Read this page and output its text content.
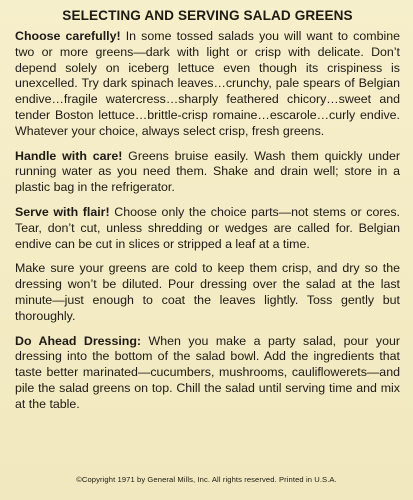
SELECTING AND SERVING SALAD GREENS

Choose carefully! In some tossed salads you will want to combine two or more greens—dark with light or crisp with delicate. Don’t depend solely on iceberg lettuce even though its crispiness is unexcelled. Try dark spinach leaves…crunchy, pale spears of Belgian endive…fragile watercress…sharply feathered chicory…sweet and tender Boston lettuce…brittle-crisp romaine…escarole…curly endive. Whatever your choice, always select crisp, fresh greens.

Handle with care! Greens bruise easily. Wash them quickly under running water as you need them. Shake and drain well; store in a plastic bag in the refrigerator.

Serve with flair! Choose only the choice parts—not stems or cores. Tear, don’t cut, unless shredding or wedges are called for. Belgian endive can be cut in slices or stripped a leaf at a time.

Make sure your greens are cold to keep them crisp, and dry so the dressing won’t be diluted. Pour dressing over the salad at the last minute—just enough to coat the leaves lightly. Toss gently but thoroughly.

Do Ahead Dressing: When you make a party salad, pour your dressing into the bottom of the salad bowl. Add the ingredients that taste better marinated—cucumbers, mushrooms, cauliflowerets—and pile the salad greens on top. Chill the salad until serving time and mix at the table.

©Copyright 1971 by General Mills, Inc. All rights reserved. Printed in U.S.A.
